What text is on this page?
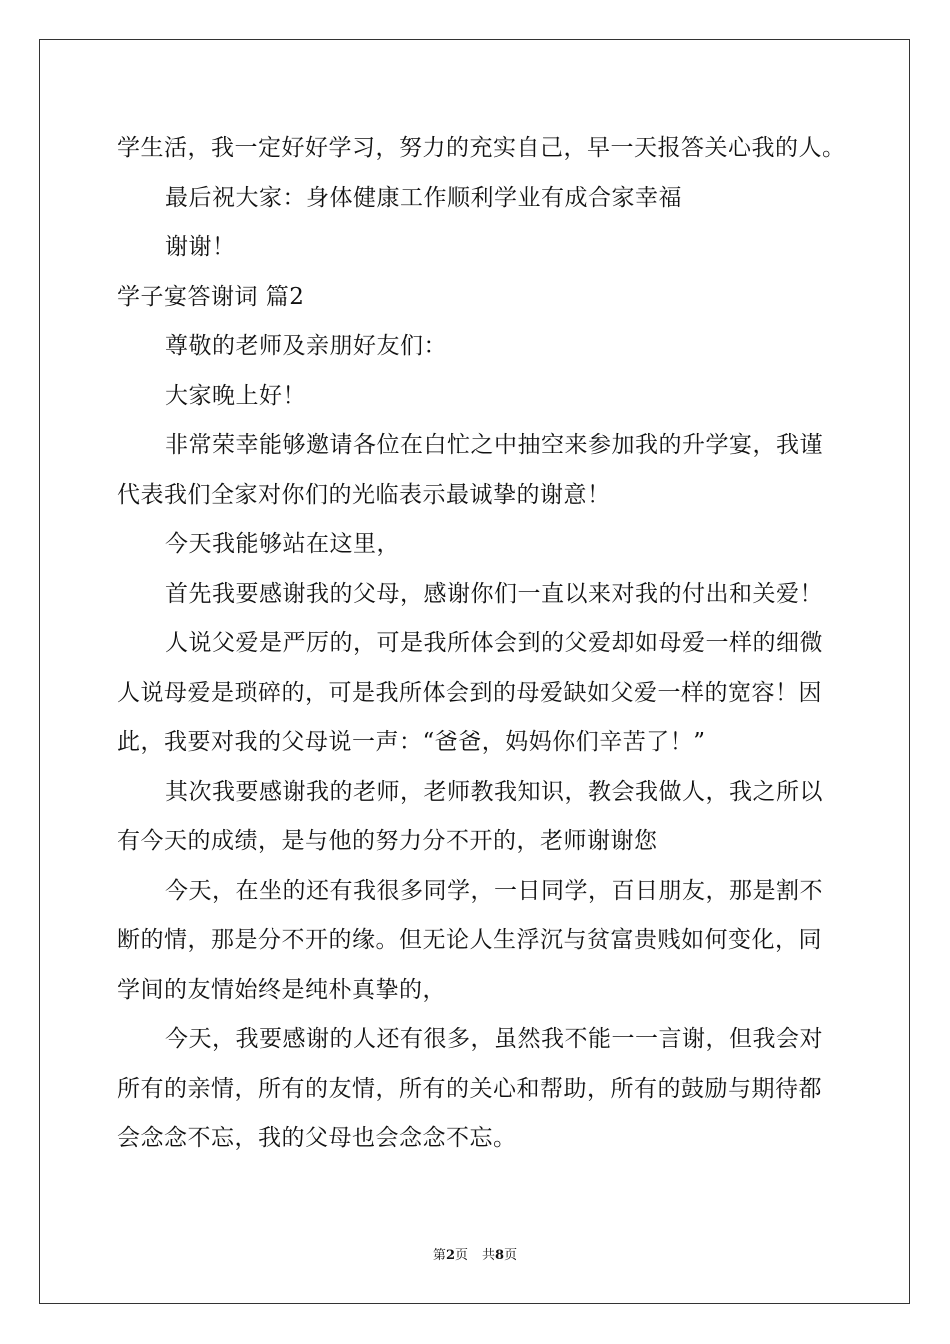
学生活，我一定好好学习，努力的充实自己，早一天报答关心我的人。
最后祝大家：身体健康工作顺利学业有成合家幸福
谢谢！
学子宴答谢词 篇2
尊敬的老师及亲朋好友们：
大家晚上好！
非常荣幸能够邀请各位在白忙之中抽空来参加我的升学宴，我谨
代表我们全家对你们的光临表示最诚挚的谢意！
今天我能够站在这里，
首先我要感谢我的父母，感谢你们一直以来对我的付出和关爱！
人说父爱是严厉的，可是我所体会到的父爱却如母爱一样的细微
人说母爱是琐碎的，可是我所体会到的母爱缺如父爱一样的宽容！因
此，我要对我的父母说一声：“爸爸，妈妈你们辛苦了！”
其次我要感谢我的老师，老师教我知识，教会我做人，我之所以
有今天的成绩，是与他的努力分不开的，老师谢谢您
今天，在坐的还有我很多同学，一日同学，百日朋友，那是割不
断的情，那是分不开的缘。但无论人生浮沉与贫富贵贱如何变化，同
学间的友情始终是纯朴真挚的，
今天，我要感谢的人还有很多，虽然我不能一一言谢，但我会对
所有的亲情，所有的友情，所有的关心和帮助，所有的鼓励与期待都
会念念不忘，我的父母也会念念不忘。
第2页 共8页
